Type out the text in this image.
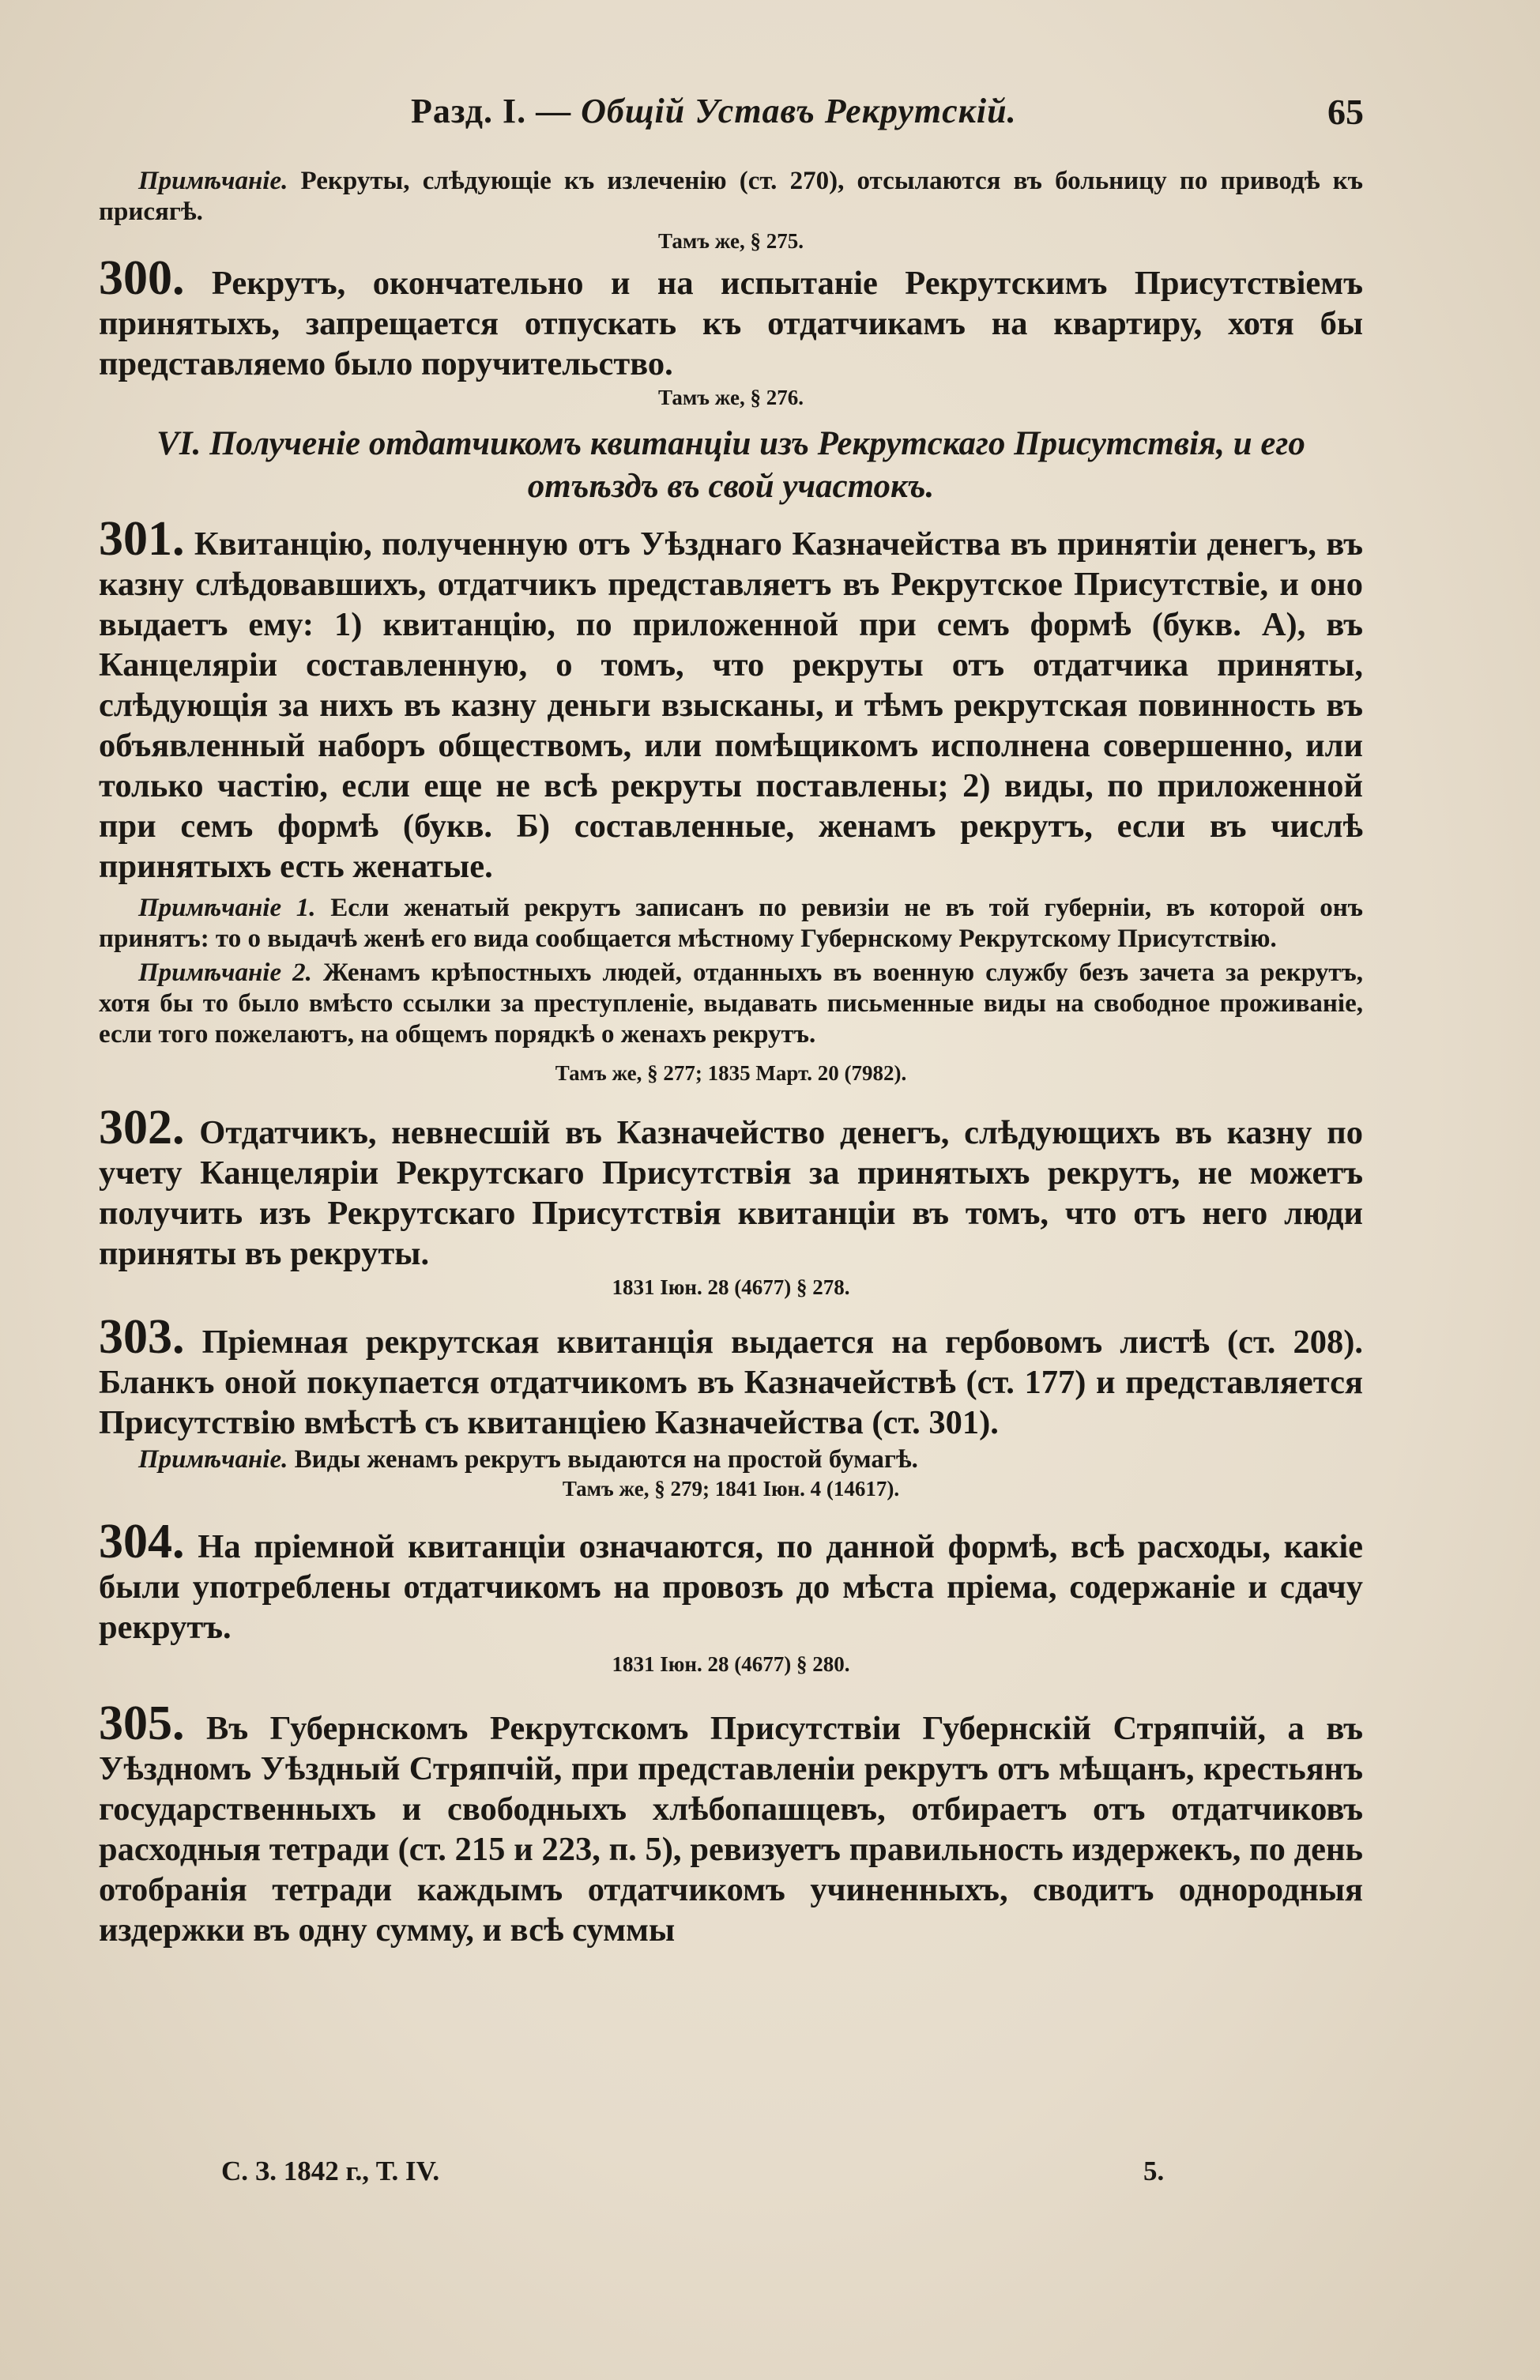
Разд. I. — Общій Уставъ Рекрутскій.	65

Примѣчаніе. Рекруты, слѣдующіе къ излеченію (ст. 270), отсылаются въ больницу по приводѣ къ присягѣ.

Тамъ же, § 275.

300. Рекрутъ, окончательно и на испытаніе Рекрутскимъ Присутствіемъ принятыхъ, запрещается отпускать къ отдатчикамъ на квартиру, хотя бы представляемо было поручительство.

Тамъ же, § 276.

VI. Полученіе отдатчикомъ квитанціи изъ Рекрутскаго Присутствія, и его отъѣздъ въ свой участокъ.

301. Квитанцію, полученную отъ Уѣзднаго Казначейства въ принятіи денегъ, въ казну слѣдовавшихъ, отдатчикъ представляетъ въ Рекрутское Присутствіе, и оно выдаетъ ему: 1) квитанцію, по приложенной при семъ формѣ (букв. А), въ Канцеляріи составленную, о томъ, что рекруты отъ отдатчика приняты, слѣдующія за нихъ въ казну деньги взысканы, и тѣмъ рекрутская повинность въ объявленный наборъ обществомъ, или помѣщикомъ исполнена совершенно, или только частію, если еще не всѣ рекруты поставлены; 2) виды, по приложенной при семъ формѣ (букв. Б) составленные, женамъ рекрутъ, если въ числѣ принятыхъ есть женатые.

Примѣчаніе 1. Если женатый рекрутъ записанъ по ревизіи не въ той губерніи, въ которой онъ принятъ: то о выдачѣ женѣ его вида сообщается мѣстному Губернскому Рекрутскому Присутствію.

Примѣчаніе 2. Женамъ крѣпостныхъ людей, отданныхъ въ военную службу безъ зачета за рекрутъ, хотя бы то было вмѣсто ссылки за преступленіе, выдавать письменные виды на свободное проживаніе, если того пожелаютъ, на общемъ порядкѣ о женахъ рекрутъ.

Тамъ же, § 277; 1835 Март. 20 (7982).

302. Отдатчикъ, невнесшій въ Казначейство денегъ, слѣдующихъ въ казну по учету Канцеляріи Рекрутскаго Присутствія за принятыхъ рекрутъ, не можетъ получить изъ Рекрутскаго Присутствія квитанціи въ томъ, что отъ него люди приняты въ рекруты.

1831 Іюн. 28 (4677) § 278.

303. Пріемная рекрутская квитанція выдается на гербовомъ листѣ (ст. 208). Бланкъ оной покупается отдатчикомъ въ Казначействѣ (ст. 177) и представляется Присутствію вмѣстѣ съ квитанціею Казначейства (ст. 301).

Примѣчаніе. Виды женамъ рекрутъ выдаются на простой бумагѣ.

Тамъ же, § 279; 1841 Іюн. 4 (14617).

304. На пріемной квитанціи означаются, по данной формѣ, всѣ расходы, какіе были употреблены отдатчикомъ на провозъ до мѣста пріема, содержаніе и сдачу рекрутъ.

1831 Іюн. 28 (4677) § 280.

305. Въ Губернскомъ Рекрутскомъ Присутствіи Губернскій Стряпчій, а въ Уѣздномъ Уѣздный Стряпчій, при представленіи рекрутъ отъ мѣщанъ, крестьянъ государственныхъ и свободныхъ хлѣбопашцевъ, отбираетъ отъ отдатчиковъ расходныя тетради (ст. 215 и 223, п. 5), ревизуетъ правильность издержекъ, по день отобранія тетради каждымъ отдатчикомъ учиненныхъ, сводитъ однородныя издержки въ одну сумму, и всѣ суммы

С. З. 1842 г., Т. IV.	5.
